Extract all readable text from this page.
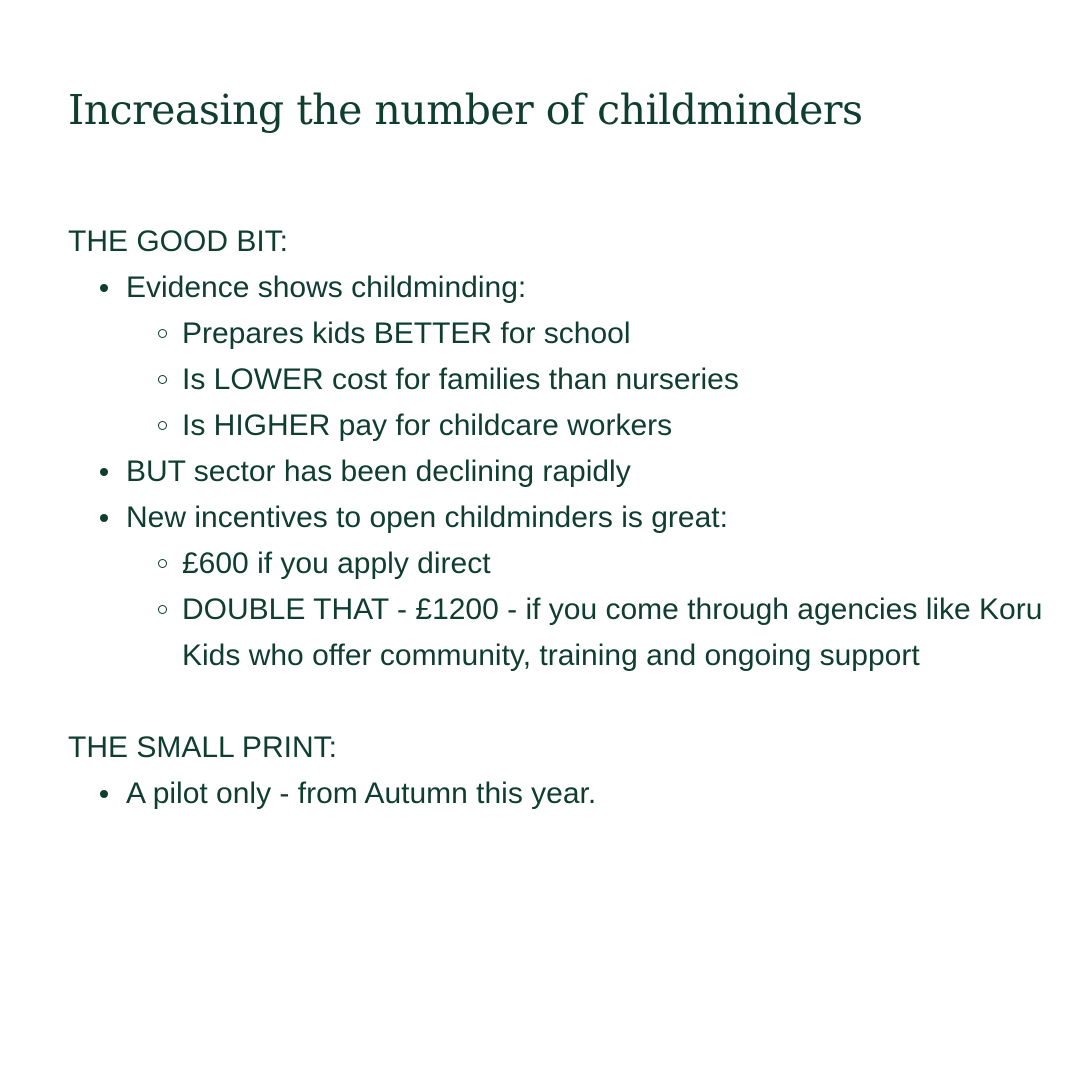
Increasing the number of childminders
THE GOOD BIT:
Evidence shows childminding:
Prepares kids BETTER for school
Is LOWER cost for families than nurseries
Is HIGHER pay for childcare workers
BUT sector has been declining rapidly
New incentives to open childminders is great:
£600 if you apply direct
DOUBLE THAT - £1200 - if you come through agencies like Koru Kids who offer community, training and ongoing support
THE SMALL PRINT:
A pilot only - from Autumn this year.
